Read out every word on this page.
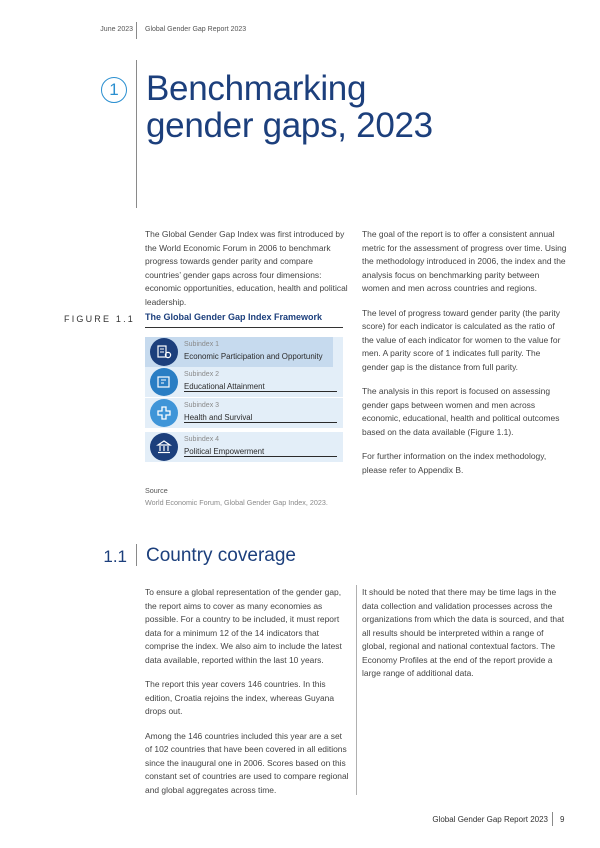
June 2023 Global Gender Gap Report 2023
1 Benchmarking
gender gaps, 2023

The Global Gender Gap Index was first introduced by the World Economic Forum in 2006 to benchmark progress towards gender parity and compare countries’ gender gaps across four dimensions: economic opportunities, education, health and political leadership.

The goal of the report is to offer a consistent annual metric for the assessment of progress over time. Using the methodology introduced in 2006, the index and the analysis focus on benchmarking parity between women and men across countries and regions.

The level of progress toward gender parity (the parity score) for each indicator is calculated as the ratio of the value of each indicator for women to the value for men. A parity score of 1 indicates full parity. The gender gap is the distance from full parity.

The analysis in this report is focused on assessing gender gaps between women and men across economic, educational, health and political outcomes based on the data available (Figure 1.1).

For further information on the index methodology, please refer to Appendix B.

FIGURE 1.1 The Global Gender Gap Index Framework
Subindex 1
Economic Participation and Opportunity
Subindex 2
Educational Attainment
Subindex 3
Health and Survival
Subindex 4
Political Empowerment
Source
World Economic Forum, Global Gender Gap Index, 2023.
1.1 Country coverage

To ensure a global representation of the gender gap, the report aims to cover as many economies as possible. For a country to be included, it must report data for a minimum 12 of the 14 indicators that comprise the index. We also aim to include the latest data available, reported within the last 10 years.

The report this year covers 146 countries. In this edition, Croatia rejoins the index, whereas Guyana drops out.

Among the 146 countries included this year are a set of 102 countries that have been covered in all editions since the inaugural one in 2006. Scores based on this constant set of countries are used to compare regional and global aggregates across time.

It should be noted that there may be time lags in the data collection and validation processes across the organizations from which the data is sourced, and that all results should be interpreted within a range of global, regional and national contextual factors. The Economy Profiles at the end of the report provide a large range of additional data.

Global Gender Gap Report 2023 9
